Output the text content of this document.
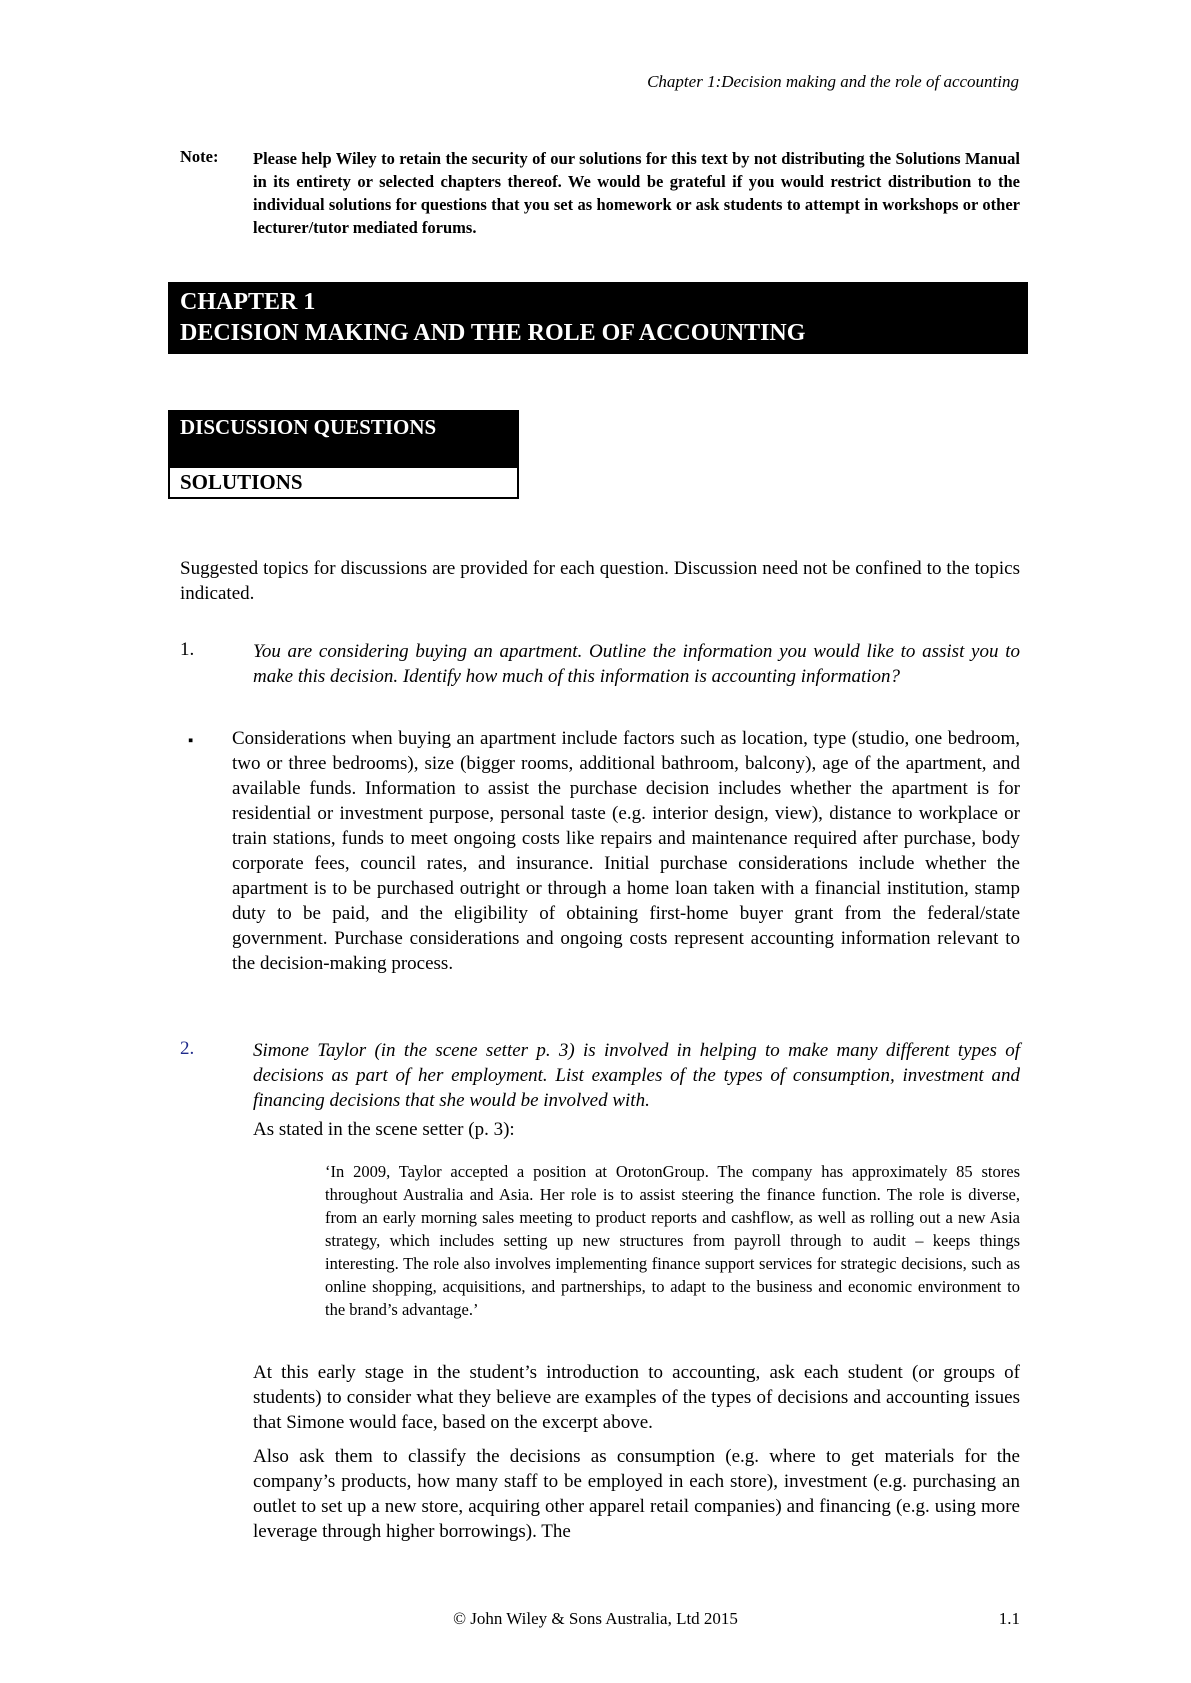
Chapter 1:Decision making and the role of accounting
Note: Please help Wiley to retain the security of our solutions for this text by not distributing the Solutions Manual in its entirety or selected chapters thereof. We would be grateful if you would restrict distribution to the individual solutions for questions that you set as homework or ask students to attempt in workshops or other lecturer/tutor mediated forums.
CHAPTER 1
DECISION MAKING AND THE ROLE OF ACCOUNTING
DISCUSSION QUESTIONS
SOLUTIONS
Suggested topics for discussions are provided for each question. Discussion need not be confined to the topics indicated.
1.	You are considering buying an apartment. Outline the information you would like to assist you to make this decision. Identify how much of this information is accounting information?
▪ Considerations when buying an apartment include factors such as location, type (studio, one bedroom, two or three bedrooms), size (bigger rooms, additional bathroom, balcony), age of the apartment, and available funds. Information to assist the purchase decision includes whether the apartment is for residential or investment purpose, personal taste (e.g. interior design, view), distance to workplace or train stations, funds to meet ongoing costs like repairs and maintenance required after purchase, body corporate fees, council rates, and insurance. Initial purchase considerations include whether the apartment is to be purchased outright or through a home loan taken with a financial institution, stamp duty to be paid, and the eligibility of obtaining first-home buyer grant from the federal/state government. Purchase considerations and ongoing costs represent accounting information relevant to the decision-making process.
2.	Simone Taylor (in the scene setter p. 3) is involved in helping to make many different types of decisions as part of her employment. List examples of the types of consumption, investment and financing decisions that she would be involved with.
As stated in the scene setter (p. 3):
‘In 2009, Taylor accepted a position at OrotonGroup. The company has approximately 85 stores throughout Australia and Asia. Her role is to assist steering the finance function. The role is diverse, from an early morning sales meeting to product reports and cashflow, as well as rolling out a new Asia strategy, which includes setting up new structures from payroll through to audit – keeps things interesting. The role also involves implementing finance support services for strategic decisions, such as online shopping, acquisitions, and partnerships, to adapt to the business and economic environment to the brand’s advantage.’
At this early stage in the student’s introduction to accounting, ask each student (or groups of students) to consider what they believe are examples of the types of decisions and accounting issues that Simone would face, based on the excerpt above.
Also ask them to classify the decisions as consumption (e.g. where to get materials for the company’s products, how many staff to be employed in each store), investment (e.g. purchasing an outlet to set up a new store, acquiring other apparel retail companies) and financing (e.g. using more leverage through higher borrowings). The
© John Wiley & Sons Australia, Ltd 2015	1.1
